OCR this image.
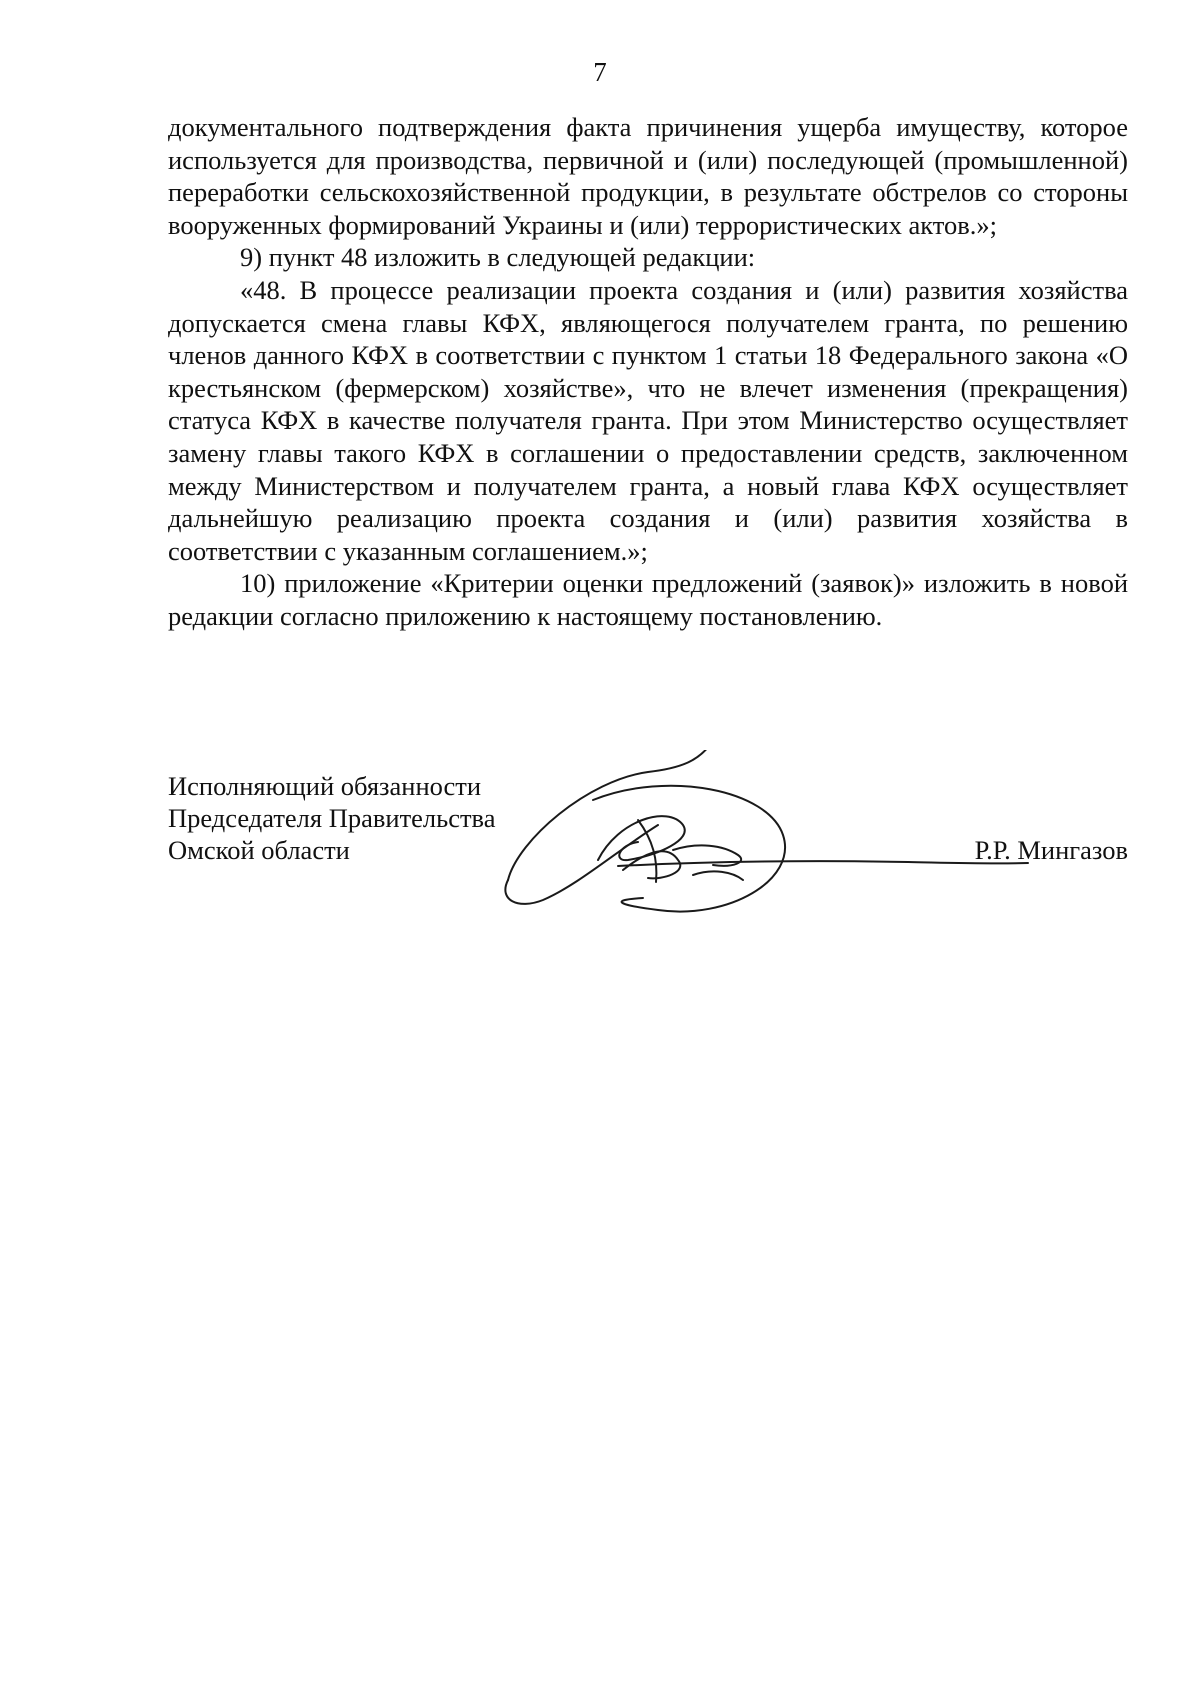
7

документального подтверждения факта причинения ущерба имуществу, которое используется для производства, первичной и (или) последующей (промышленной) переработки сельскохозяйственной продукции, в результате обстрелов со стороны вооруженных формирований Украины и (или) террористических актов.»;

9) пункт 48 изложить в следующей редакции:

«48. В процессе реализации проекта создания и (или) развития хозяйства допускается смена главы КФХ, являющегося получателем гранта, по решению членов данного КФХ в соответствии с пунктом 1 статьи 18 Федерального закона «О крестьянском (фермерском) хозяйстве», что не влечет изменения (прекращения) статуса КФХ в качестве получателя гранта. При этом Министерство осуществляет замену главы такого КФХ в соглашении о предоставлении средств, заключенном между Министерством и получателем гранта, а новый глава КФХ осуществляет дальнейшую реализацию проекта создания и (или) развития хозяйства в соответствии с указанным соглашением.»;

10) приложение «Критерии оценки предложений (заявок)» изложить в новой редакции согласно приложению к настоящему постановлению.

Исполняющий обязанности

Председателя Правительства

Омской области	Р.Р. Мингазов
